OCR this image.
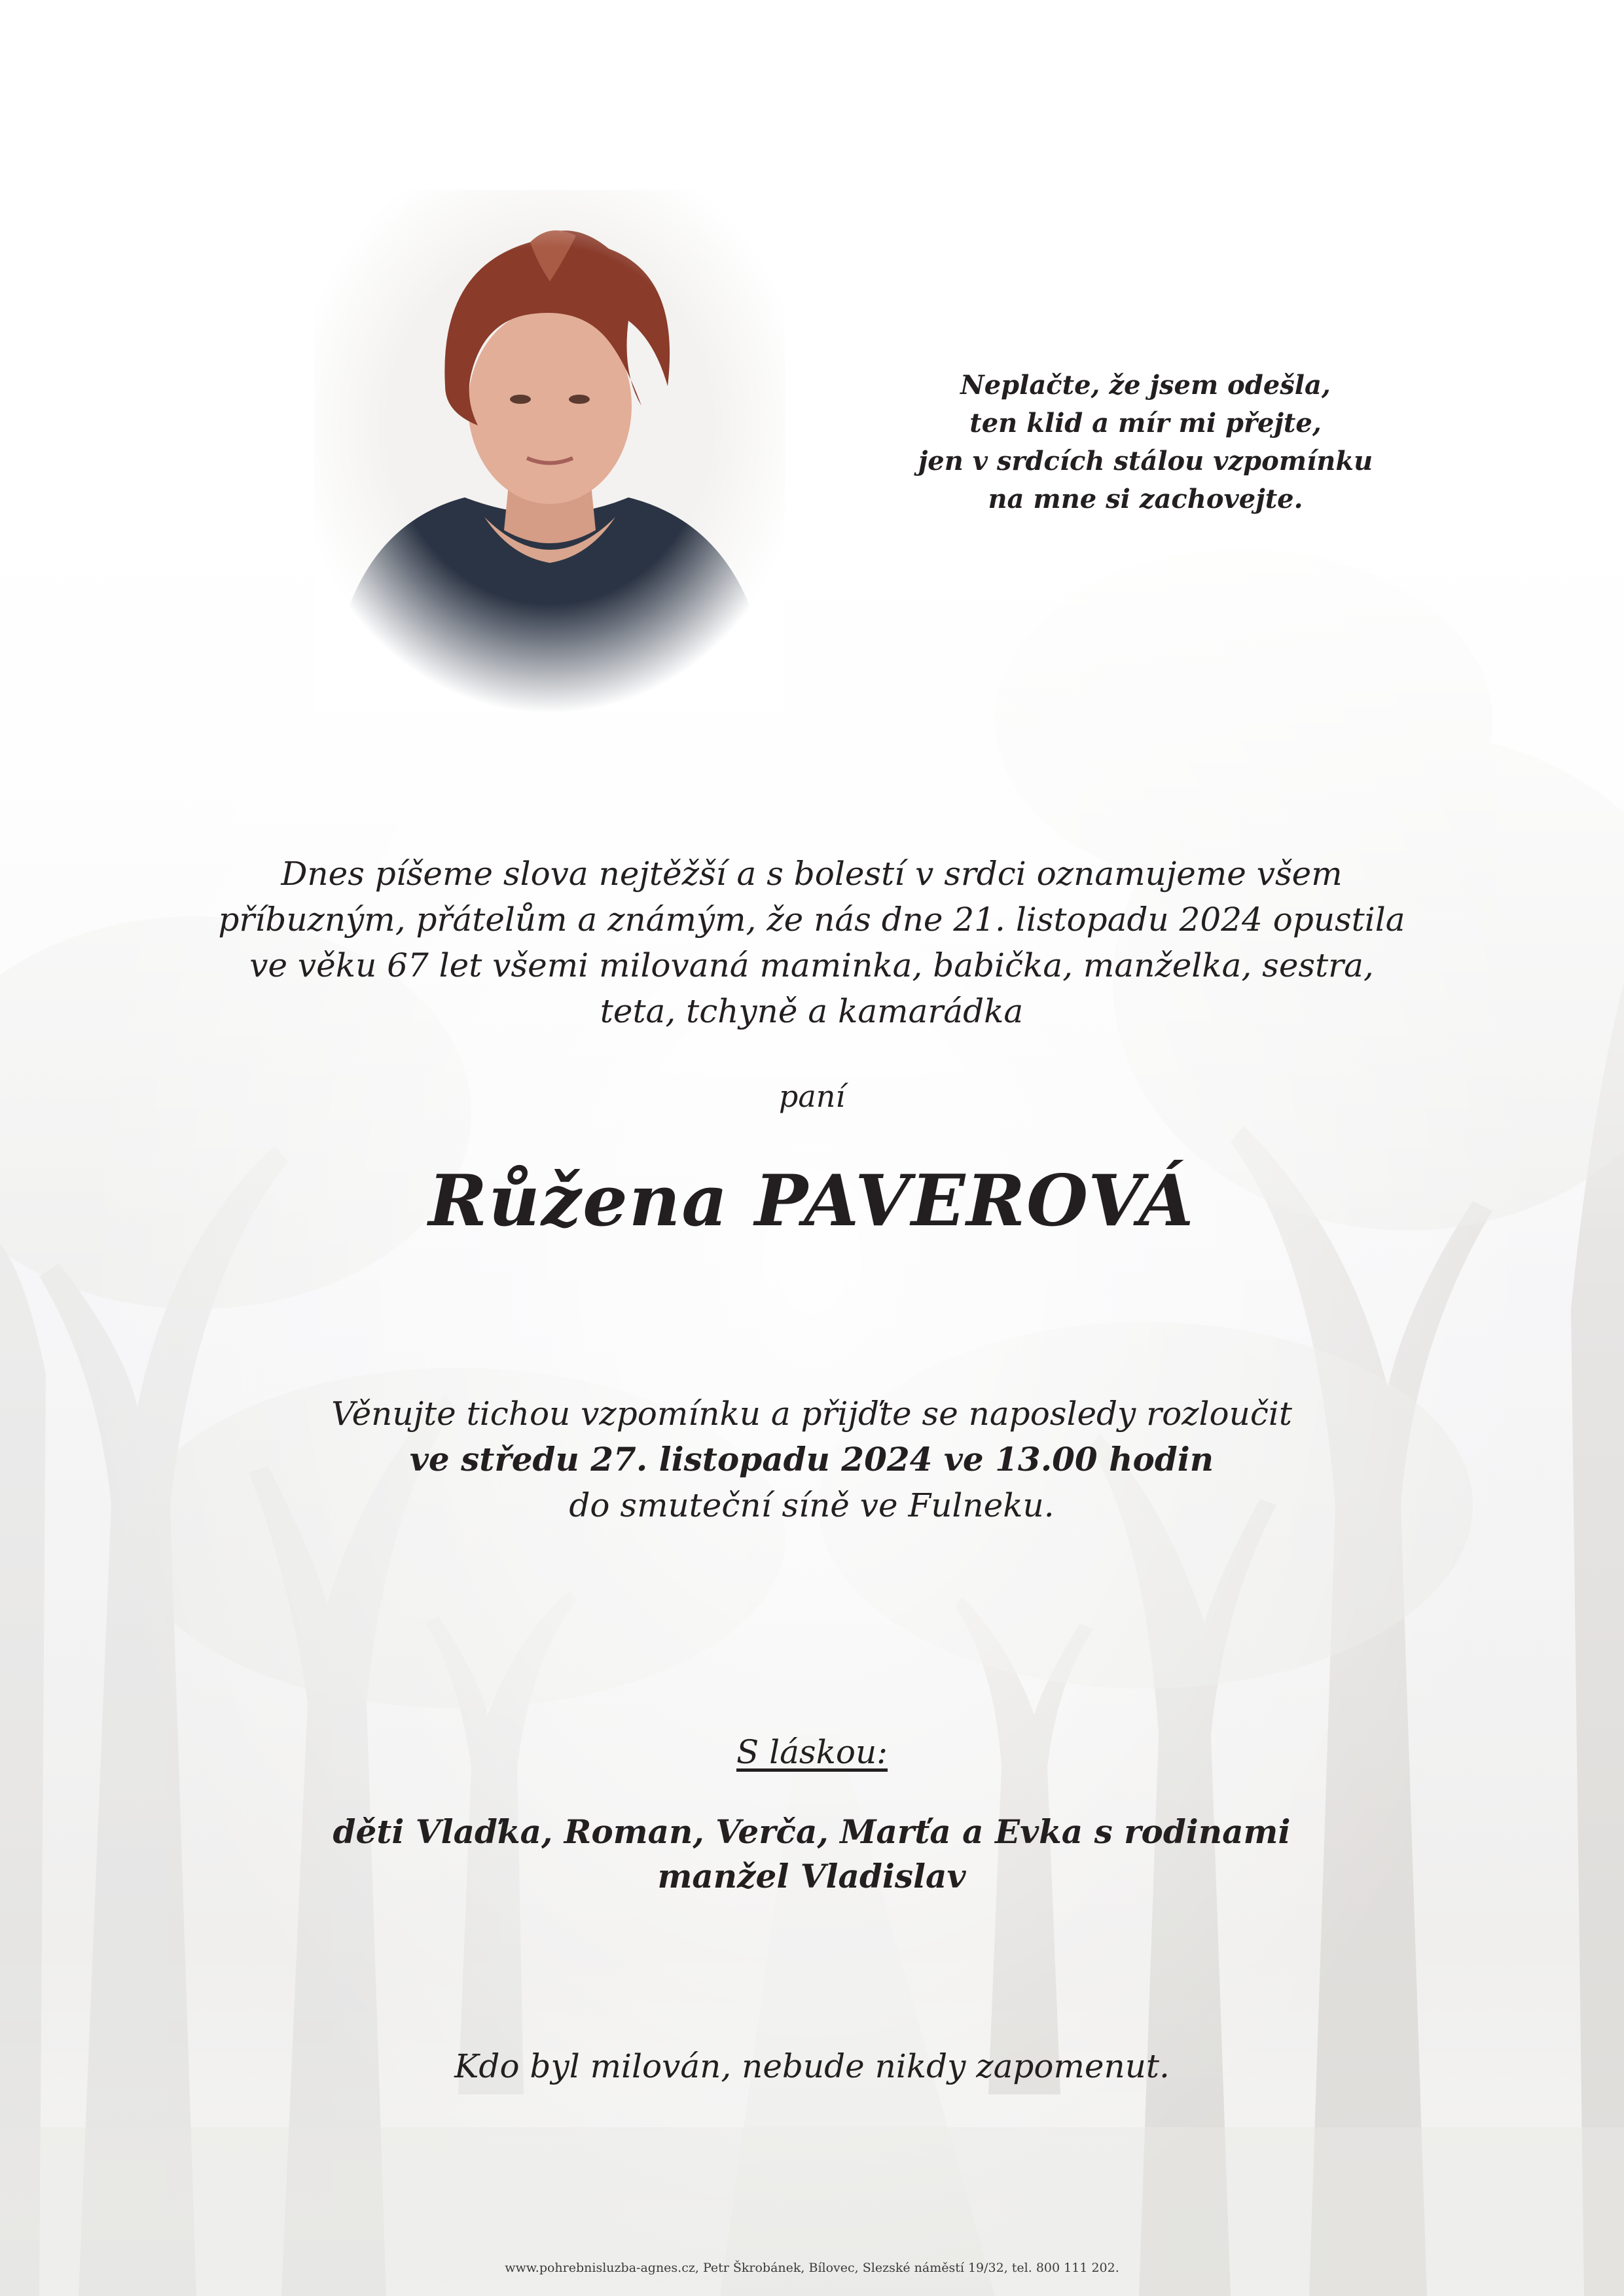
Neplačte, že jsem odešla,
ten klid a mír mi přejte,
jen v srdcích stálou vzpomínku
na mne si zachovejte.
Dnes píšeme slova nejtěžší a s bolestí v srdci oznamujeme všem
příbuzným, přátelům a známým, že nás dne 21. listopadu 2024 opustila
ve věku 67 let všemi milovaná maminka, babička, manželka, sestra,
teta, tchyně a kamarádka
paní
Růžena PAVEROVÁ
Věnujte tichou vzpomínku a přijďte se naposledy rozloučit
ve středu 27. listopadu 2024 ve 13.00 hodin
do smuteční síně ve Fulneku.
S láskou:
děti Vlaďka, Roman, Verča, Marťa a Evka s rodinami
manžel Vladislav
Kdo byl milován, nebude nikdy zapomenut.
www.pohrebnisluzba-agnes.cz, Petr Škrobánek, Bílovec, Slezské náměstí 19/32, tel. 800 111 202.
